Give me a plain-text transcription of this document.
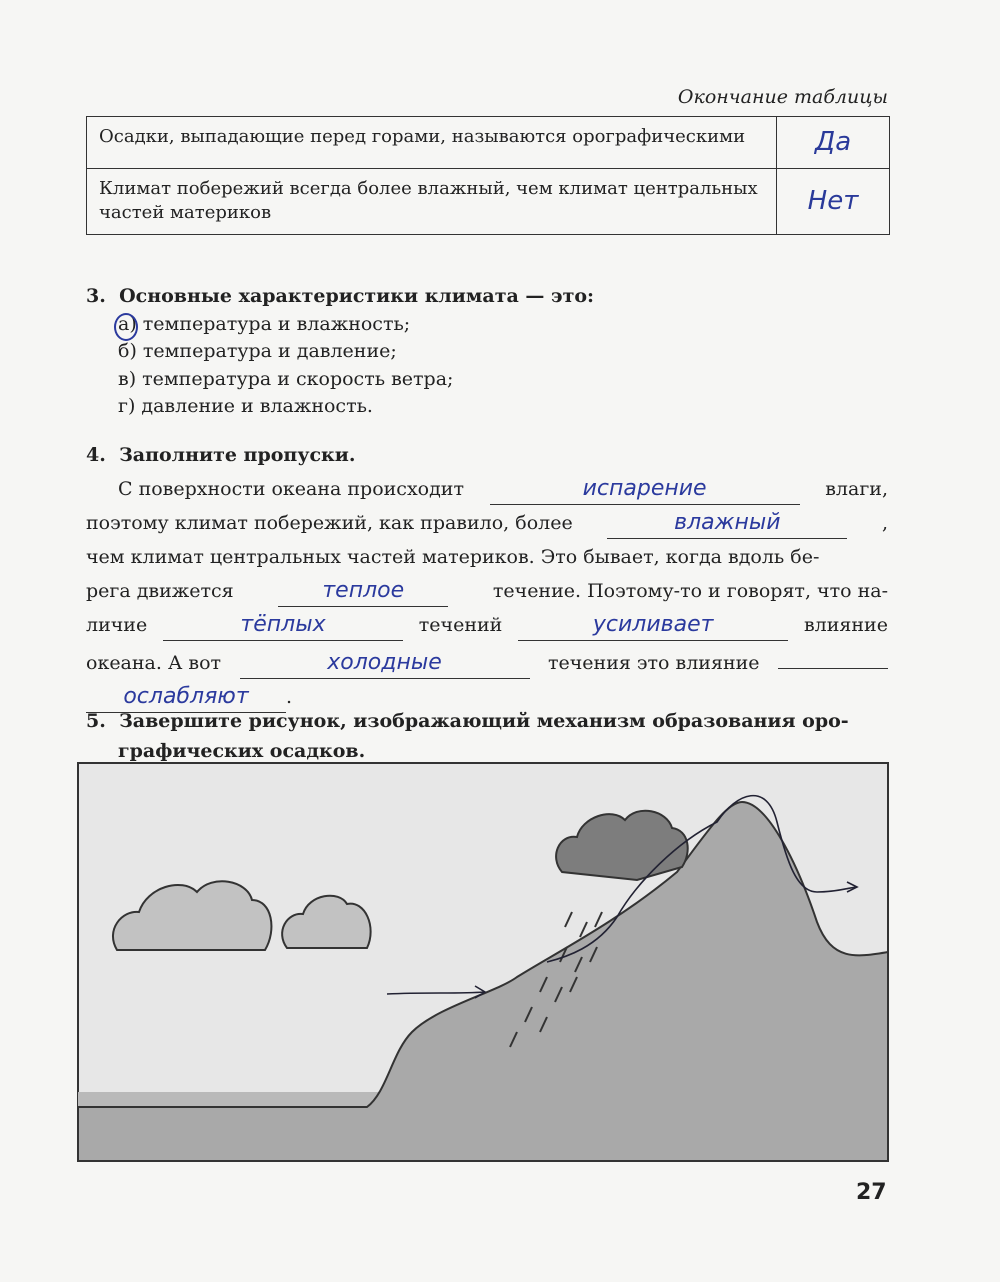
Окончание таблицы
Осадки, выпадающие перед горами, называются орографическими	Да
Климат побережий всегда более влажный, чем климат центральных частей материков	Нет
3. Основные характеристики климата — это:
а) температура и влажность;
б) температура и давление;
в) температура и скорость ветра;
г) давление и влажность.
4. Заполните пропуски.
С поверхности океана происходит	испарение	влаги,
поэтому климат побережий, как правило, более	влажный	,
чем климат центральных частей материков. Это бывает, когда вдоль бе-
рега движется	теплое	течение. Поэтому-то и говорят, что на-
личие	тёплых	течений	усиливает	влияние
океана. А вот	холодные	течения это влияние
ослабляют .
5. Завершите рисунок, изображающий механизм образования оро-
графических осадков.
27
